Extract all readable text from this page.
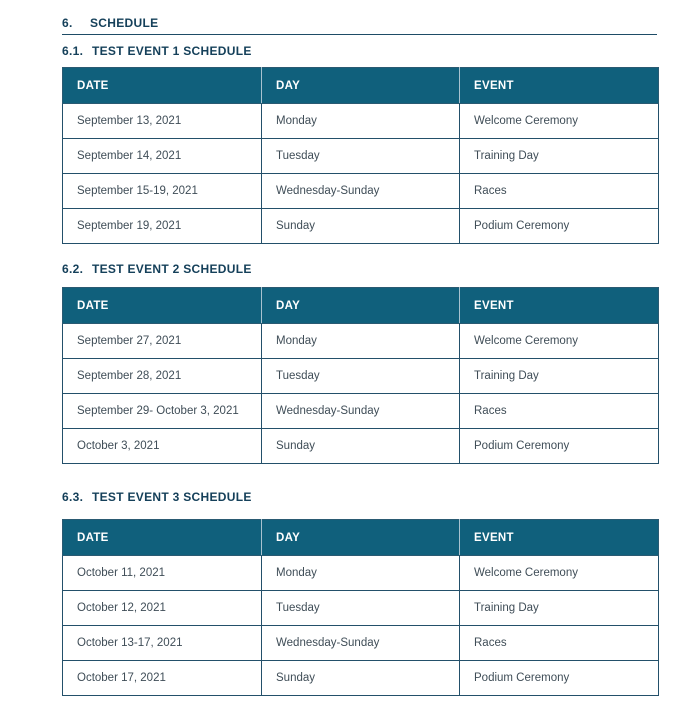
6. SCHEDULE
6.1. TEST EVENT 1 SCHEDULE
DATE	DAY	EVENT
September 13, 2021	Monday	Welcome Ceremony
September 14, 2021	Tuesday	Training Day
September 15-19, 2021	Wednesday-Sunday	Races
September 19, 2021	Sunday	Podium Ceremony
6.2. TEST EVENT 2 SCHEDULE
DATE	DAY	EVENT
September 27, 2021	Monday	Welcome Ceremony
September 28, 2021	Tuesday	Training Day
September 29- October 3, 2021	Wednesday-Sunday	Races
October 3, 2021	Sunday	Podium Ceremony
6.3. TEST EVENT 3 SCHEDULE
DATE	DAY	EVENT
October 11, 2021	Monday	Welcome Ceremony
October 12, 2021	Tuesday	Training Day
October 13-17, 2021	Wednesday-Sunday	Races
October 17, 2021	Sunday	Podium Ceremony
